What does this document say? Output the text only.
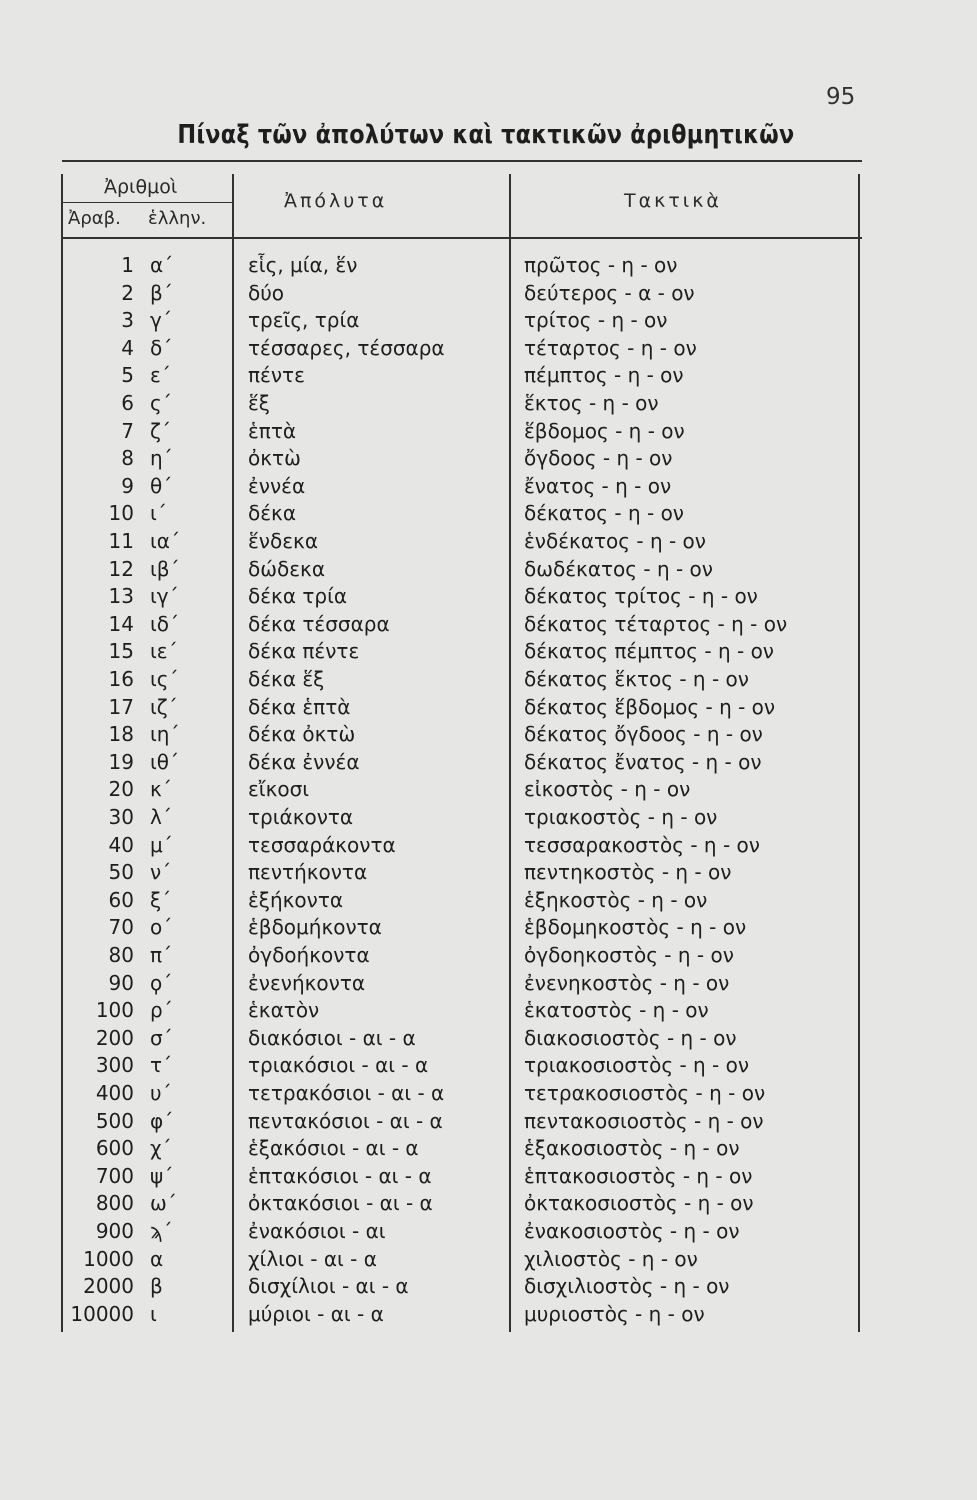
95
Πίναξ τῶν ἀπολύτων καὶ τακτικῶν ἀριθμητικῶν
Ἀριθμοὶ
Ἀραβ. ἑλλην.
Ἀπόλυτα	Τακτικὰ
1 α΄	εἷς, μία, ἕν	πρῶτος - η - ον
2 β΄	δύο	δεύτερος - α - ον
3 γ΄	τρεῖς, τρία	τρίτος - η - ον
4 δ΄	τέσσαρες, τέσσαρα	τέταρτος - η - ον
5 ε΄	πέντε	πέμπτος - η - ον
6 ς΄	ἕξ	ἕκτος - η - ον
7 ζ΄	ἑπτὰ	ἕβδομος - η - ον
8 η΄	ὀκτὼ	ὄγδοος - η - ον
9 θ΄	ἐννέα	ἔνατος - η - ον
10 ι΄	δέκα	δέκατος - η - ον
11 ια΄	ἕνδεκα	ἑνδέκατος - η - ον
12 ιβ΄	δώδεκα	δωδέκατος - η - ον
13 ιγ΄	δέκα τρία	δέκατος τρίτος - η - ον
14 ιδ΄	δέκα τέσσαρα	δέκατος τέταρτος - η - ον
15 ιε΄	δέκα πέντε	δέκατος πέμπτος - η - ον
16 ις΄	δέκα ἕξ	δέκατος ἕκτος - η - ον
17 ιζ΄	δέκα ἑπτὰ	δέκατος ἕβδομος - η - ον
18 ιη΄	δέκα ὀκτὼ	δέκατος ὄγδοος - η - ον
19 ιθ΄	δέκα ἐννέα	δέκατος ἔνατος - η - ον
20 κ΄	εἴκοσι	εἰκοστὸς - η - ον
30 λ΄	τριάκοντα	τριακοστὸς - η - ον
40 μ΄	τεσσαράκοντα	τεσσαρακοστὸς - η - ον
50 ν΄	πεντήκοντα	πεντηκοστὸς - η - ον
60 ξ΄	ἑξήκοντα	ἑξηκοστὸς - η - ον
70 ο΄	ἑβδομήκοντα	ἑβδομηκοστὸς - η - ον
80 π΄	ὀγδοήκοντα	ὀγδοηκοστὸς - η - ον
90 ϙ΄	ἐνενήκοντα	ἐνενηκοστὸς - η - ον
100 ρ΄	ἑκατὸν	ἑκατοστὸς - η - ον
200 σ΄	διακόσιοι - αι - α	διακοσιοστὸς - η - ον
300 τ΄	τριακόσιοι - αι - α	τριακοσιοστὸς - η - ον
400 υ΄	τετρακόσιοι - αι - α	τετρακοσιοστὸς - η - ον
500 φ΄	πεντακόσιοι - αι - α	πεντακοσιοστὸς - η - ον
600 χ΄	ἑξακόσιοι - αι - α	ἑξακοσιοστὸς - η - ον
700 ψ΄	ἑπτακόσιοι - αι - α	ἑπτακοσιοστὸς - η - ον
800 ω΄	ὀκτακόσιοι - αι - α	ὀκτακοσιοστὸς - η - ον
900 ϡ΄	ἐνακόσιοι - αι	ἐνακοσιοστὸς - η - ον
1000 α	χίλιοι - αι - α	χιλιοστὸς - η - ον
2000 β	δισχίλιοι - αι - α	δισχιλιοστὸς - η - ον
10000 ι	μύριοι - αι - α	μυριοστὸς - η - ον
